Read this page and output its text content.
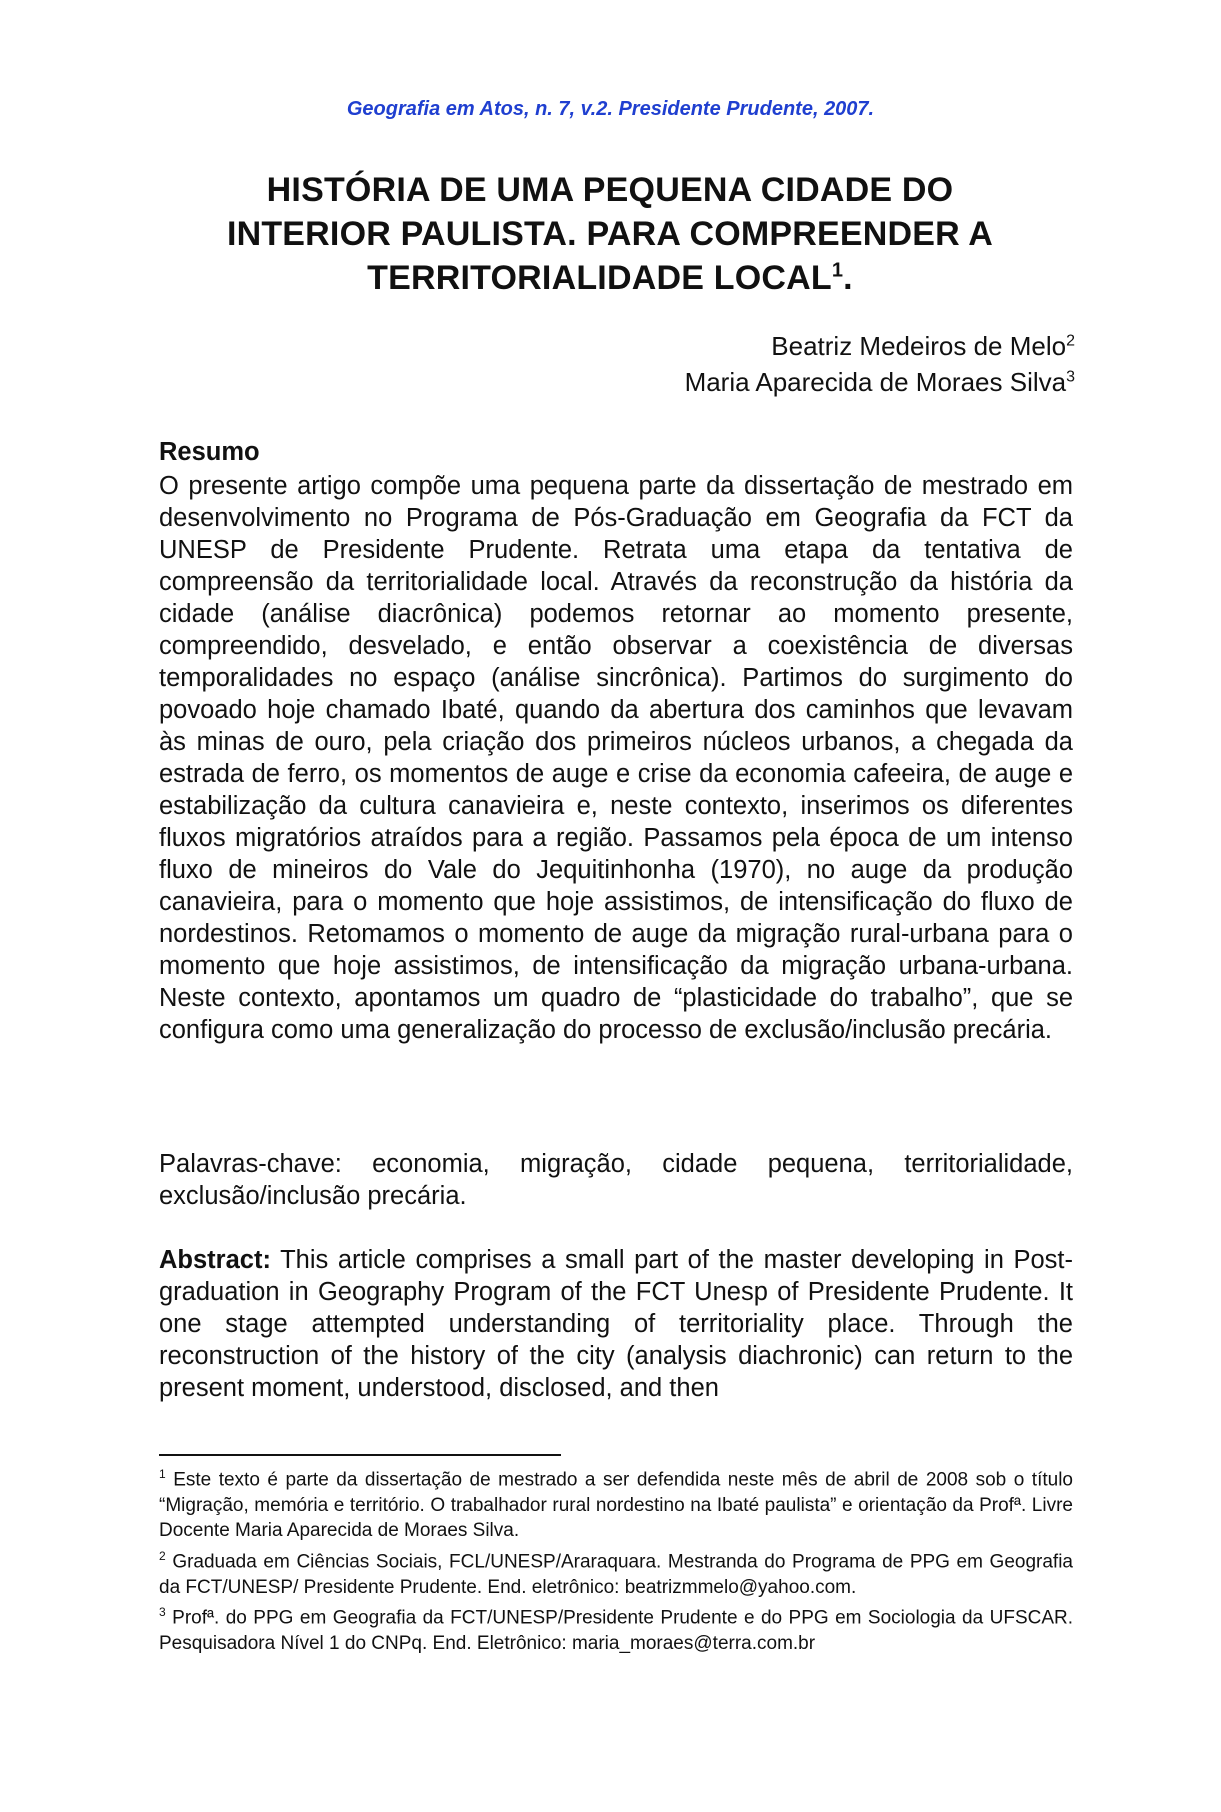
Geografia em Atos, n. 7, v.2. Presidente Prudente, 2007.
HISTÓRIA DE UMA PEQUENA CIDADE DO
INTERIOR PAULISTA. PARA COMPREENDER A
TERRITORIALIDADE LOCAL$^1$.
Beatriz Medeiros de Melo$^2$
Maria Aparecida de Moraes Silva$^3$
Resumo
O presente artigo compõe uma pequena parte da dissertação de mestrado em desenvolvimento no Programa de Pós-Graduação em Geografia da FCT da UNESP de Presidente Prudente. Retrata uma etapa da tentativa de compreensão da territorialidade local. Através da reconstrução da história da cidade (análise diacrônica) podemos retornar ao momento presente, compreendido, desvelado, e então observar a coexistência de diversas temporalidades no espaço (análise sincrônica). Partimos do surgimento do povoado hoje chamado Ibaté, quando da abertura dos caminhos que levavam às minas de ouro, pela criação dos primeiros núcleos urbanos, a chegada da estrada de ferro, os momentos de auge e crise da economia cafeeira, de auge e estabilização da cultura canavieira e, neste contexto, inserimos os diferentes fluxos migratórios atraídos para a região. Passamos pela época de um intenso fluxo de mineiros do Vale do Jequitinhonha (1970), no auge da produção canavieira, para o momento que hoje assistimos, de intensificação do fluxo de nordestinos. Retomamos o momento de auge da migração rural-urbana para o momento que hoje assistimos, de intensificação da migração urbana-urbana. Neste contexto, apontamos um quadro de “plasticidade do trabalho”, que se configura como uma generalização do processo de exclusão/inclusão precária.
Palavras-chave: economia, migração, cidade pequena, territorialidade, exclusão/inclusão precária.
Abstract: This article comprises a small part of the master developing in Post-graduation in Geography Program of the FCT Unesp of Presidente Prudente. It one stage attempted understanding of territoriality place. Through the reconstruction of the history of the city (analysis diachronic) can return to the present moment, understood, disclosed, and then

$^1$ Este texto é parte da dissertação de mestrado a ser defendida neste mês de abril de 2008 sob o título “Migração, memória e território. O trabalhador rural nordestino na Ibaté paulista” e orientação da Profª. Livre Docente Maria Aparecida de Moraes Silva.

$^2$ Graduada em Ciências Sociais, FCL/UNESP/Araraquara. Mestranda do Programa de PPG em Geografia da FCT/UNESP/ Presidente Prudente. End. eletrônico: beatrizmmelo@yahoo.com.

$^3$ Profª. do PPG em Geografia da FCT/UNESP/Presidente Prudente e do PPG em Sociologia da UFSCAR. Pesquisadora Nível 1 do CNPq. End. Eletrônico: maria_moraes@terra.com.br
